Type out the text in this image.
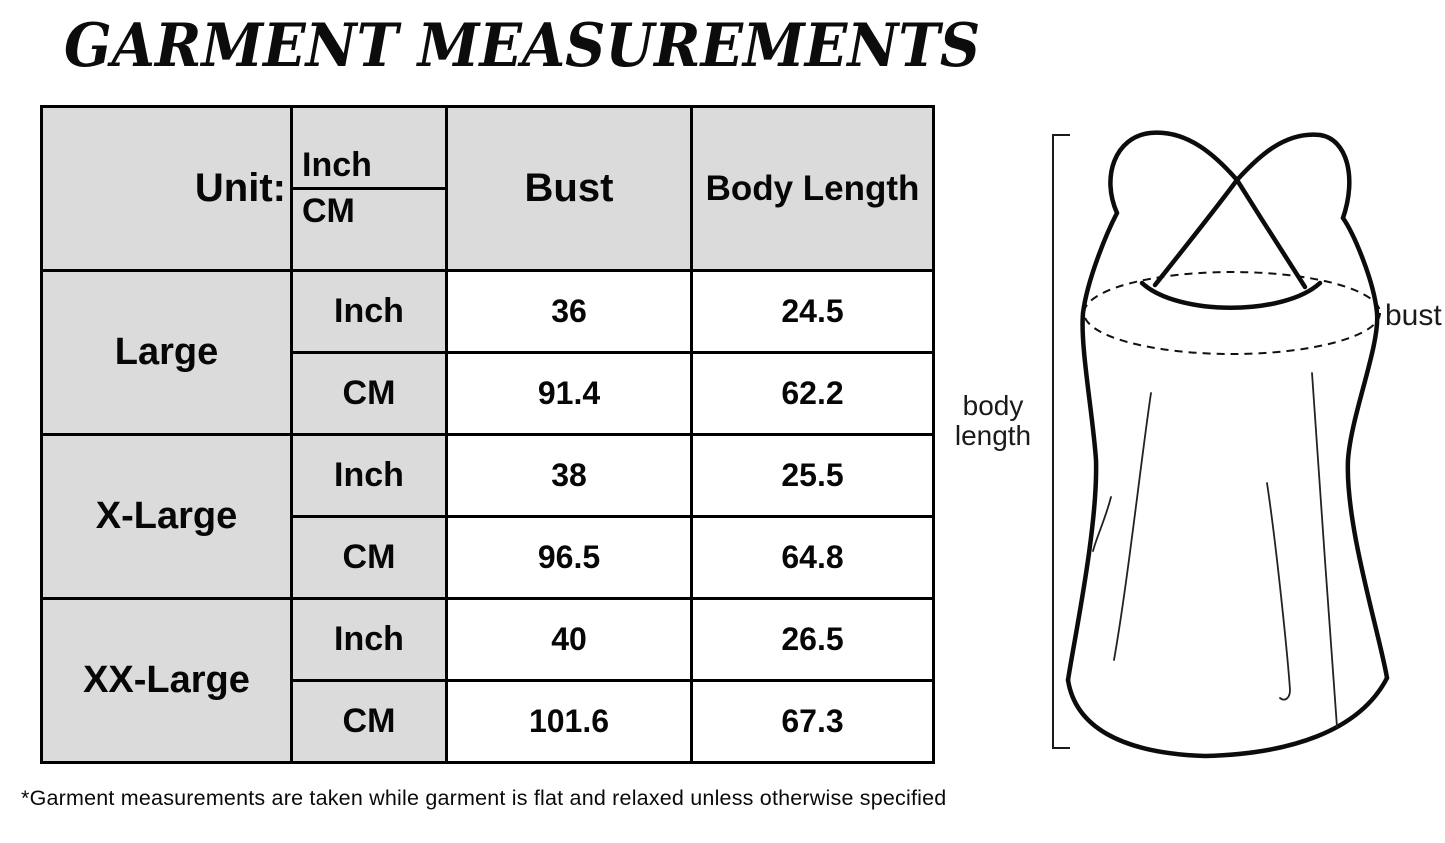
GARMENT MEASUREMENTS
Unit:	Inch	Bust	Body Length
	CM		
Large	Inch	36	24.5
	CM	91.4	62.2
X-Large	Inch	38	25.5
	CM	96.5	64.8
XX-Large	Inch	40	26.5
	CM	101.6	67.3
bust
body
length
*Garment measurements are taken while garment is flat and relaxed unless otherwise specified
